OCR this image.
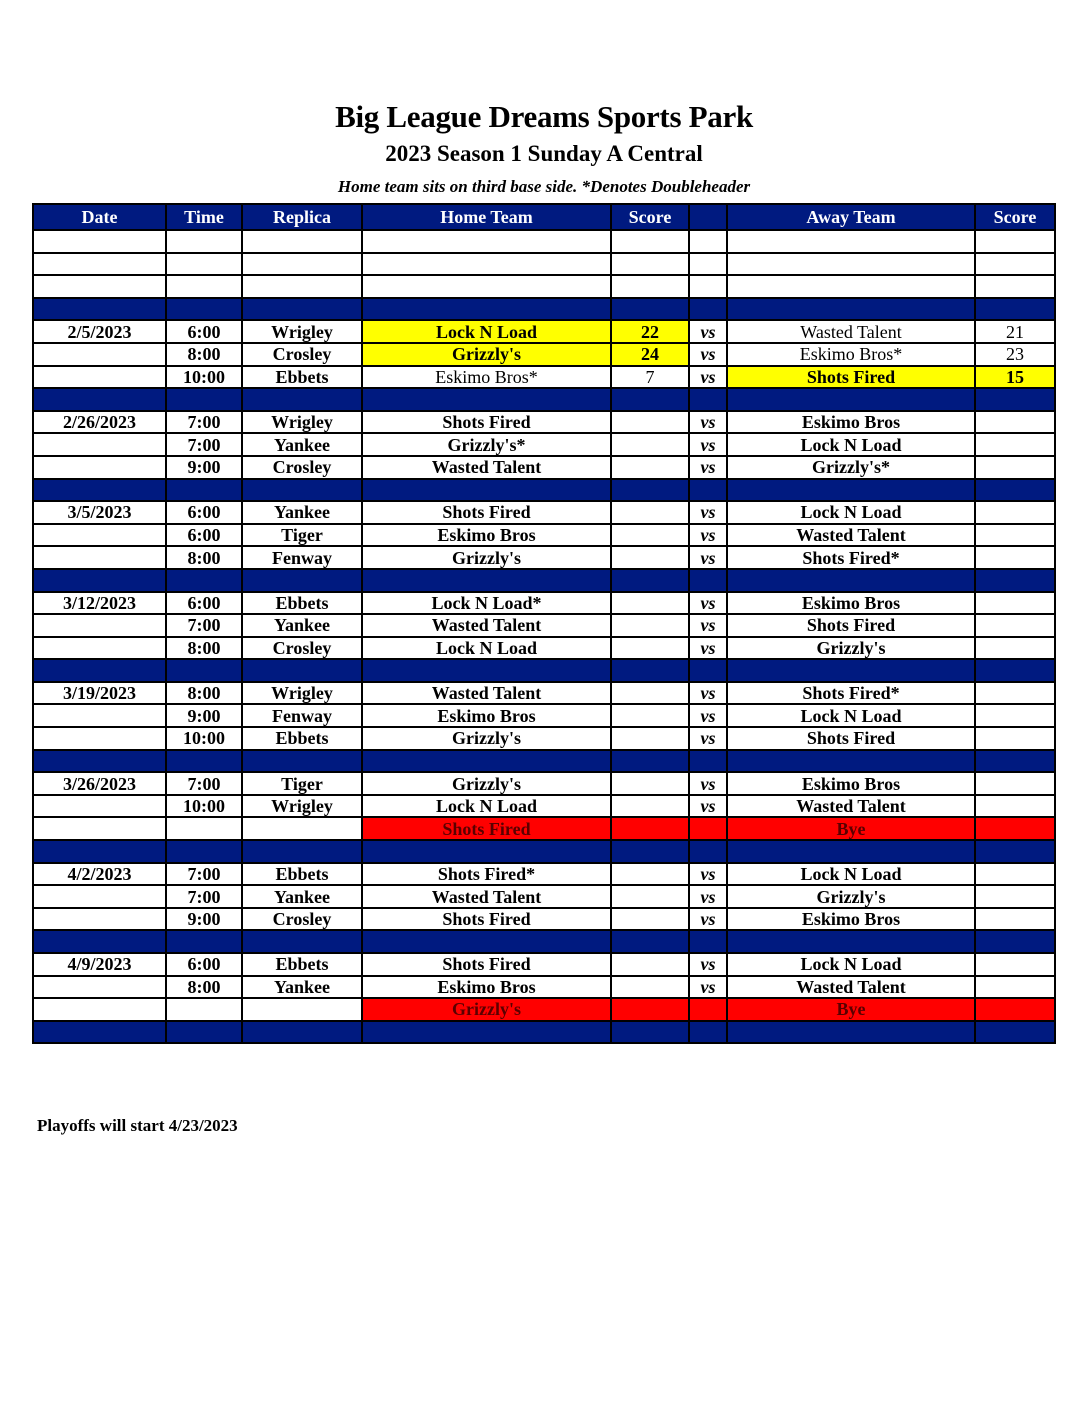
Big League Dreams Sports Park
2023 Season 1 Sunday A Central
Home team sits on third base side. *Denotes Doubleheader
Date	Time	Replica	Home Team	Score		Away Team	Score

2/5/2023	6:00	Wrigley	Lock N Load	22	vs	Wasted Talent	21
	8:00	Crosley	Grizzly's	24	vs	Eskimo Bros*	23
	10:00	Ebbets	Eskimo Bros*	7	vs	Shots Fired	15

2/26/2023	7:00	Wrigley	Shots Fired		vs	Eskimo Bros	
	7:00	Yankee	Grizzly's*		vs	Lock N Load	
	9:00	Crosley	Wasted Talent		vs	Grizzly's*	

3/5/2023	6:00	Yankee	Shots Fired		vs	Lock N Load	
	6:00	Tiger	Eskimo Bros		vs	Wasted Talent	
	8:00	Fenway	Grizzly's		vs	Shots Fired*	

3/12/2023	6:00	Ebbets	Lock N Load*		vs	Eskimo Bros	
	7:00	Yankee	Wasted Talent		vs	Shots Fired	
	8:00	Crosley	Lock N Load		vs	Grizzly's	

3/19/2023	8:00	Wrigley	Wasted Talent		vs	Shots Fired*	
	9:00	Fenway	Eskimo Bros		vs	Lock N Load	
	10:00	Ebbets	Grizzly's		vs	Shots Fired	

3/26/2023	7:00	Tiger	Grizzly's		vs	Eskimo Bros	
	10:00	Wrigley	Lock N Load		vs	Wasted Talent	
			Shots Fired			Bye	

4/2/2023	7:00	Ebbets	Shots Fired*		vs	Lock N Load	
	7:00	Yankee	Wasted Talent		vs	Grizzly's	
	9:00	Crosley	Shots Fired		vs	Eskimo Bros	

4/9/2023	6:00	Ebbets	Shots Fired		vs	Lock N Load	
	8:00	Yankee	Eskimo Bros		vs	Wasted Talent	
			Grizzly's			Bye	

Playoffs will start 4/23/2023
